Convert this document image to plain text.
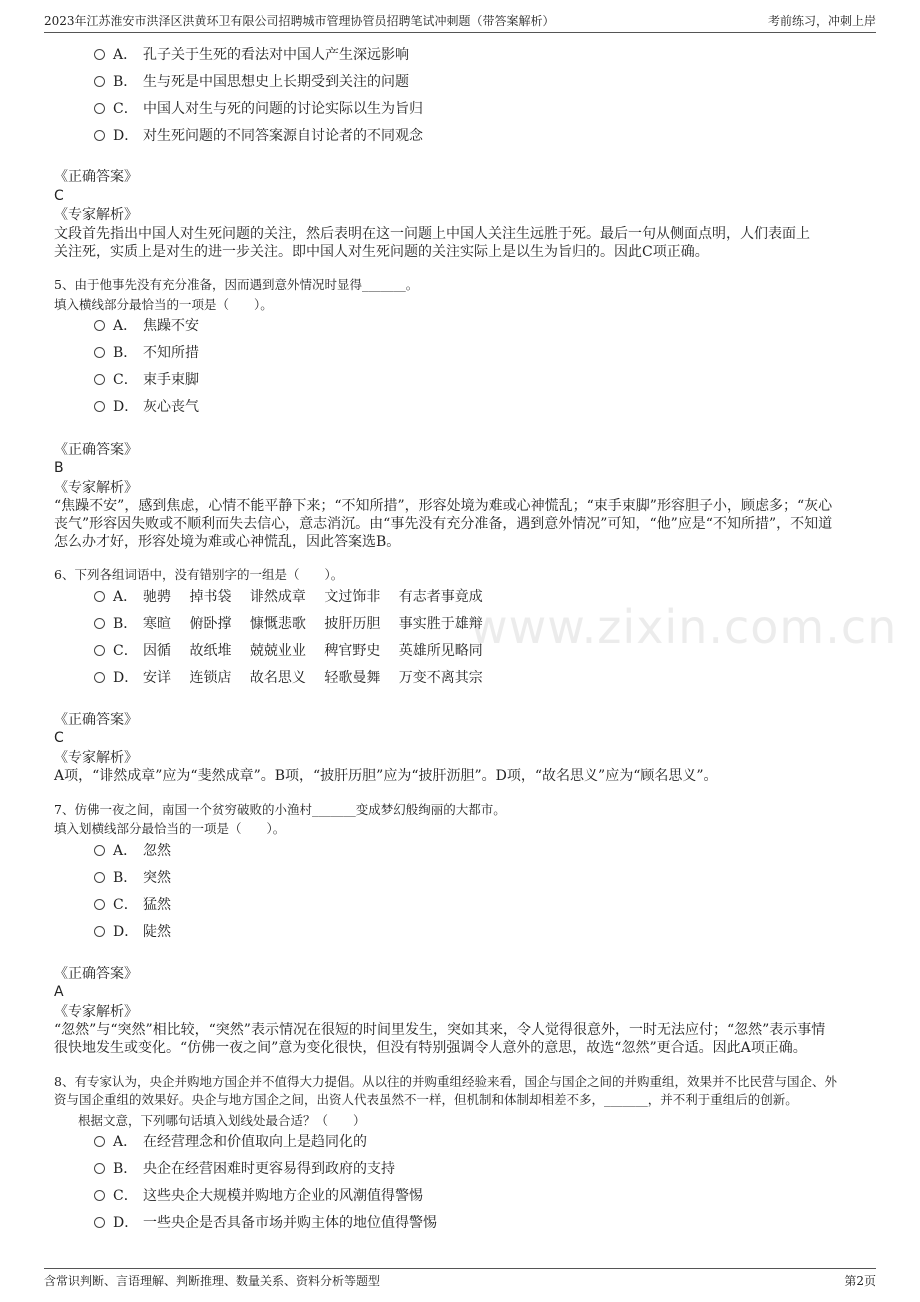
2023年江苏淮安市洪泽区洪黄环卫有限公司招聘城市管理协管员招聘笔试冲刺题（带答案解析）	考前练习，冲刺上岸
www.zixin.com.cn
A． 孔子关于生死的看法对中国人产生深远影响
B． 生与死是中国思想史上长期受到关注的问题
C． 中国人对生与死的问题的讨论实际以生为旨归
D． 对生死问题的不同答案源自讨论者的不同观念
《正确答案》
C
《专家解析》
文段首先指出中国人对生死问题的关注，然后表明在这一问题上中国人关注生远胜于死。最后一句从侧面点明，人们表面上
关注死，实质上是对生的进一步关注。即中国人对生死问题的关注实际上是以生为旨归的。因此C项正确。
5、由于他事先没有充分准备，因而遇到意外情况时显得_______。
填入横线部分最恰当的一项是（　　）。
A． 焦躁不安
B． 不知所措
C． 束手束脚
D． 灰心丧气
《正确答案》
B
《专家解析》
“焦躁不安”，感到焦虑，心情不能平静下来；“不知所措”，形容处境为难或心神慌乱；“束手束脚”形容胆子小，顾虑多；“灰心
丧气”形容因失败或不顺利而失去信心，意志消沉。由“事先没有充分准备，遇到意外情况”可知，“他”应是“不知所措”，不知道
怎么办才好，形容处境为难或心神慌乱，因此答案选B。
6、下列各组词语中，没有错别字的一组是（　　）。
A． 驰骋　 掉书袋　 诽然成章　 文过饰非　 有志者事竟成
B． 寒暄　 俯卧撑　 慷慨悲歌　 披肝历胆　 事实胜于雄辩
C． 因循　 故纸堆　 兢兢业业　 稗官野史　 英雄所见略同
D． 安详　 连锁店　 故名思义　 轻歌曼舞　 万变不离其宗
《正确答案》
C
《专家解析》
A项，“诽然成章”应为“斐然成章”。B项，“披肝历胆”应为“披肝沥胆”。D项，“故名思义”应为“顾名思义”。
7、仿佛一夜之间，南国一个贫穷破败的小渔村_______变成梦幻般绚丽的大都市。
填入划横线部分最恰当的一项是（　　）。
A． 忽然
B． 突然
C． 猛然
D． 陡然
《正确答案》
A
《专家解析》
“忽然”与“突然”相比较，“突然”表示情况在很短的时间里发生，突如其来，令人觉得很意外，一时无法应付；“忽然”表示事情
很快地发生或变化。“仿佛一夜之间”意为变化很快，但没有特别强调令人意外的意思，故选“忽然”更合适。因此A项正确。
8、有专家认为，央企并购地方国企并不值得大力提倡。从以往的并购重组经验来看，国企与国企之间的并购重组，效果并不比民营与国企、外
资与国企重组的效果好。央企与地方国企之间，出资人代表虽然不一样，但机制和体制却相差不多，_______，并不利于重组后的创新。
根据文意，下列哪句话填入划线处最合适？（　　）
A． 在经营理念和价值取向上是趋同化的
B． 央企在经营困难时更容易得到政府的支持
C． 这些央企大规模并购地方企业的风潮值得警惕
D． 一些央企是否具备市场并购主体的地位值得警惕
含常识判断、言语理解、判断推理、数量关系、资料分析等题型	第2页
